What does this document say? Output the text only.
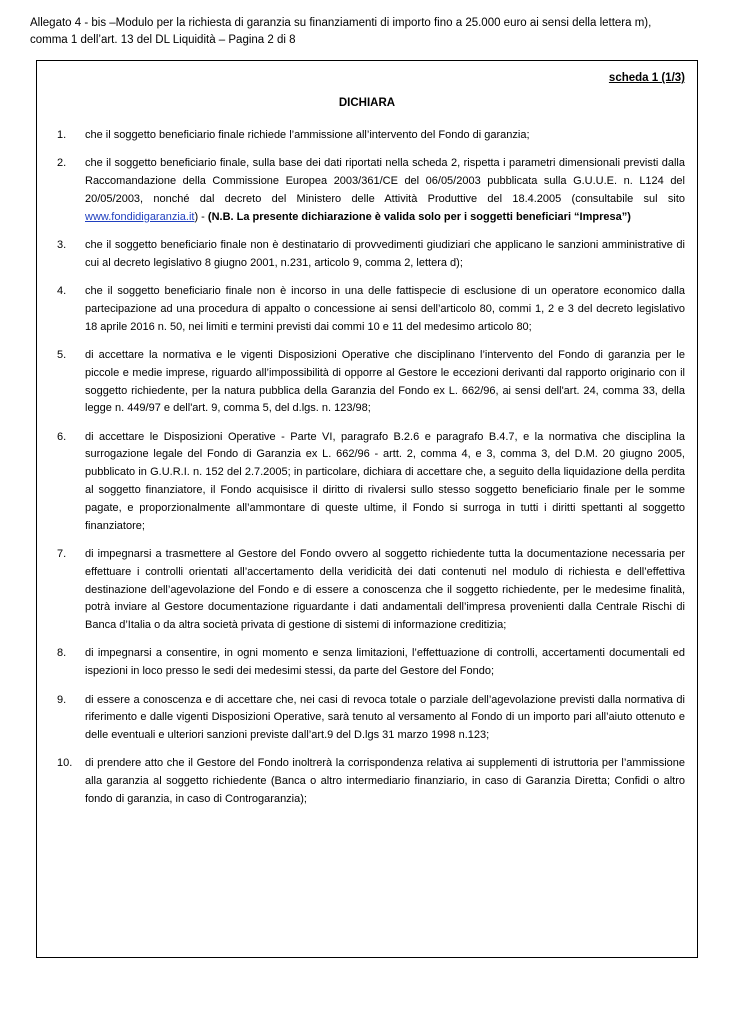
Allegato 4 - bis –Modulo per la richiesta di garanzia su finanziamenti di importo fino a 25.000 euro ai sensi della lettera m),
comma 1 dell’art. 13 del DL Liquidità – Pagina 2 di 8
scheda 1 (1/3)
DICHIARA
1. che il soggetto beneficiario finale richiede l’ammissione all’intervento del Fondo di garanzia;
2. che il soggetto beneficiario finale, sulla base dei dati riportati nella scheda 2, rispetta i parametri dimensionali previsti dalla Raccomandazione della Commissione Europea 2003/361/CE del 06/05/2003 pubblicata sulla G.U.U.E. n. L124 del 20/05/2003, nonché dal decreto del Ministero delle Attività Produttive del 18.4.2005 (consultabile sul sito www.fondidigaranzia.it) - (N.B. La presente dichiarazione è valida solo per i soggetti beneficiari “Impresa”)
3. che il soggetto beneficiario finale non è destinatario di provvedimenti giudiziari che applicano le sanzioni amministrative di cui al decreto legislativo 8 giugno 2001, n.231, articolo 9, comma 2, lettera d);
4. che il soggetto beneficiario finale non è incorso in una delle fattispecie di esclusione di un operatore economico dalla partecipazione ad una procedura di appalto o concessione ai sensi dell’articolo 80, commi 1, 2 e 3 del decreto legislativo 18 aprile 2016 n. 50, nei limiti e termini previsti dai commi 10 e 11 del medesimo articolo 80;
5. di accettare la normativa e le vigenti Disposizioni Operative che disciplinano l’intervento del Fondo di garanzia per le piccole e medie imprese, riguardo all’impossibilità di opporre al Gestore le eccezioni derivanti dal rapporto originario con il soggetto richiedente, per la natura pubblica della Garanzia del Fondo ex L. 662/96, ai sensi dell'art. 24, comma 33, della legge n. 449/97 e dell'art. 9, comma 5, del d.lgs. n. 123/98;
6. di accettare le Disposizioni Operative - Parte VI, paragrafo B.2.6 e paragrafo B.4.7, e la normativa che disciplina la surrogazione legale del Fondo di Garanzia ex L. 662/96 - artt. 2, comma 4, e 3, comma 3, del D.M. 20 giugno 2005, pubblicato in G.U.R.I. n. 152 del 2.7.2005; in particolare, dichiara di accettare che, a seguito della liquidazione della perdita al soggetto finanziatore, il Fondo acquisisce il diritto di rivalersi sullo stesso soggetto beneficiario finale per le somme pagate, e proporzionalmente all’ammontare di queste ultime, il Fondo si surroga in tutti i diritti spettanti al soggetto finanziatore;
7. di impegnarsi a trasmettere al Gestore del Fondo ovvero al soggetto richiedente tutta la documentazione necessaria per effettuare i controlli orientati all’accertamento della veridicità dei dati contenuti nel modulo di richiesta e dell’effettiva destinazione dell’agevolazione del Fondo e di essere a conoscenza che il soggetto richiedente, per le medesime finalità, potrà inviare al Gestore documentazione riguardante i dati andamentali dell’impresa provenienti dalla Centrale Rischi di Banca d’Italia o da altra società privata di gestione di sistemi di informazione creditizia;
8. di impegnarsi a consentire, in ogni momento e senza limitazioni, l’effettuazione di controlli, accertamenti documentali ed ispezioni in loco presso le sedi dei medesimi stessi, da parte del Gestore del Fondo;
9. di essere a conoscenza e di accettare che, nei casi di revoca totale o parziale dell’agevolazione previsti dalla normativa di riferimento e dalle vigenti Disposizioni Operative, sarà tenuto al versamento al Fondo di un importo pari all’aiuto ottenuto e delle eventuali e ulteriori sanzioni previste dall’art.9 del D.lgs 31 marzo 1998 n.123;
10. di prendere atto che il Gestore del Fondo inoltrerà la corrispondenza relativa ai supplementi di istruttoria per l’ammissione alla garanzia al soggetto richiedente (Banca o altro intermediario finanziario, in caso di Garanzia Diretta; Confidi o altro fondo di garanzia, in caso di Controgaranzia);
